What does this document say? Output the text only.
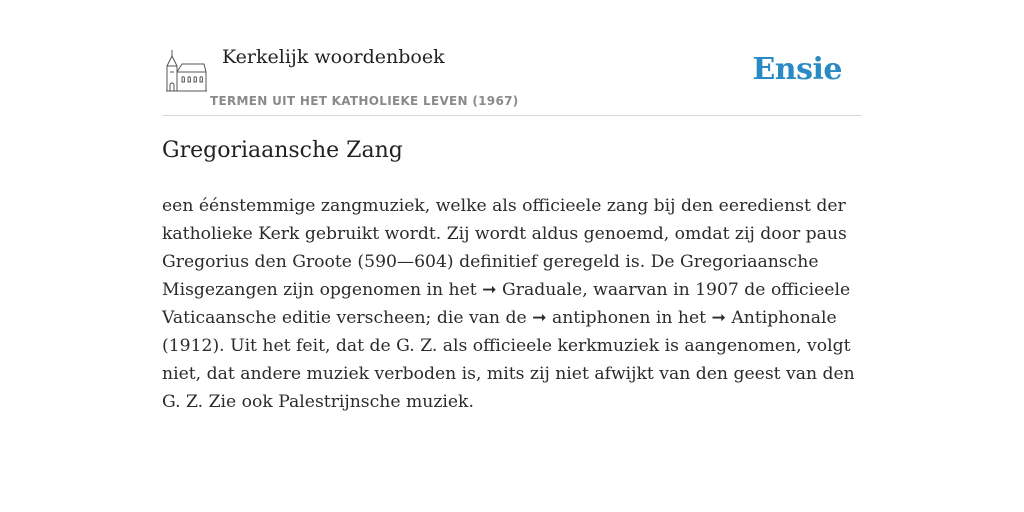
Kerkelijk woordenboek
TERMEN UIT HET KATHOLIEKE LEVEN (1967)
Ensie
Gregoriaansche Zang

een éénstemmige zangmuziek, welke als officieele zang bij den eeredienst der katholieke Kerk gebruikt wordt. Zij wordt aldus genoemd, omdat zij door paus Gregorius den Groote (590—604) definitief geregeld is. De Gregoriaansche Misgezangen zijn opgenomen in het ➞ Graduale, waarvan in 1907 de officieele Vaticaansche editie verscheen; die van de ➞ antiphonen in het ➞ Antiphonale (1912). Uit het feit, dat de G. Z. als officieele kerkmuziek is aangenomen, volgt niet, dat andere muziek verboden is, mits zij niet afwijkt van den geest van den G. Z. Zie ook Palestrijnsche muziek.
